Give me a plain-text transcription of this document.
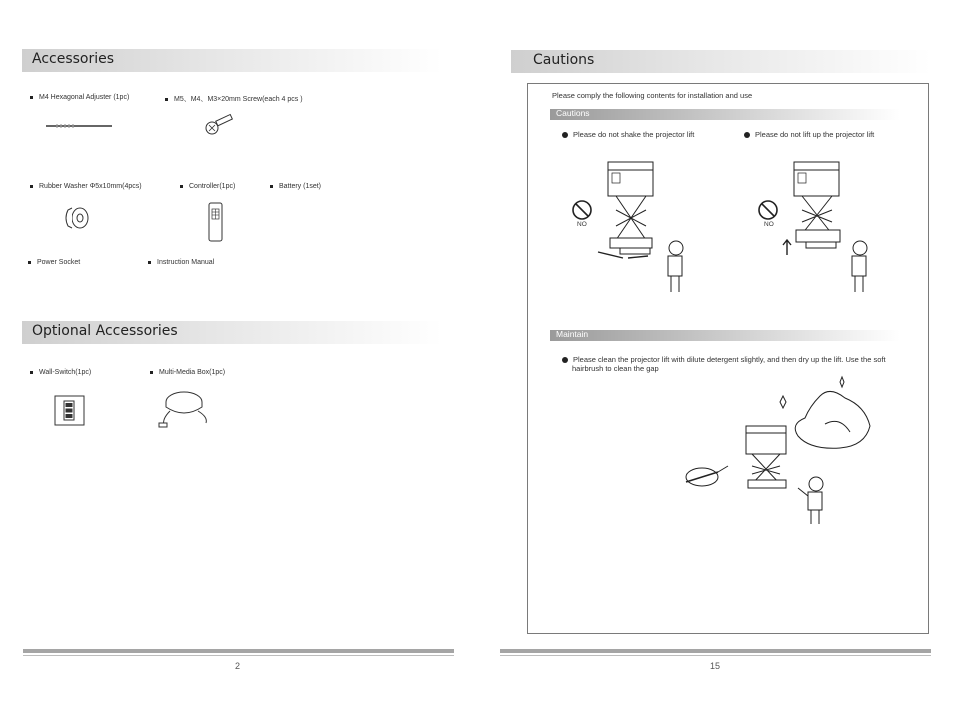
Accessories
M4 Hexagonal Adjuster (1pc)	M5、M4、M3×20mm Screw(each 4 pcs )
Rubber Washer Φ5x10mm(4pcs)	Controller(1pc)	Battery (1set)
Power Socket	Instruction Manual
Optional Accessories
Wall-Switch(1pc)	Multi-Media Box(1pc)
2
Cautions
Please comply the following contents for installation and use
Cautions
Please do not shake the projector lift	Please do not lift up the projector lift
NO	NO
Maintain
Please clean the projector lift with dilute detergent slightly, and then dry up the lift. Use the soft
hairbrush to clean the gap
15
